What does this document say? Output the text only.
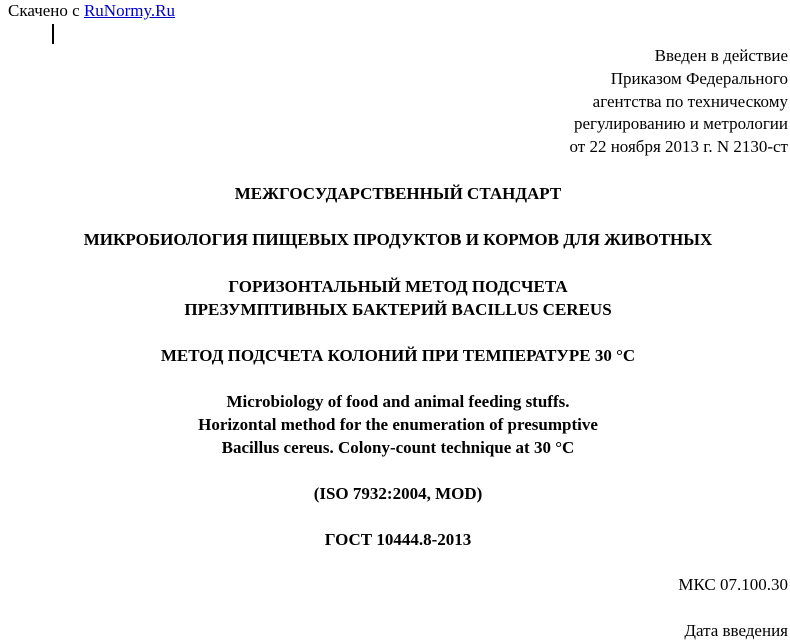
Скачено с RuNormy.Ru
Введен в действие
Приказом Федерального
агентства по техническому
регулированию и метрологии
от 22 ноября 2013 г. N 2130-ст
МЕЖГОСУДАРСТВЕННЫЙ СТАНДАРТ
МИКРОБИОЛОГИЯ ПИЩЕВЫХ ПРОДУКТОВ И КОРМОВ ДЛЯ ЖИВОТНЫХ
ГОРИЗОНТАЛЬНЫЙ МЕТОД ПОДСЧЕТА
ПРЕЗУМПТИВНЫХ БАКТЕРИЙ BACILLUS CEREUS
МЕТОД ПОДСЧЕТА КОЛОНИЙ ПРИ ТЕМПЕРАТУРЕ 30 °С
Microbiology of food and animal feeding stuffs.
Horizontal method for the enumeration of presumptive
Bacillus cereus. Colony-count technique at 30 °C
(ISO 7932:2004, MOD)
ГОСТ 10444.8-2013
МКС 07.100.30
Дата введения
